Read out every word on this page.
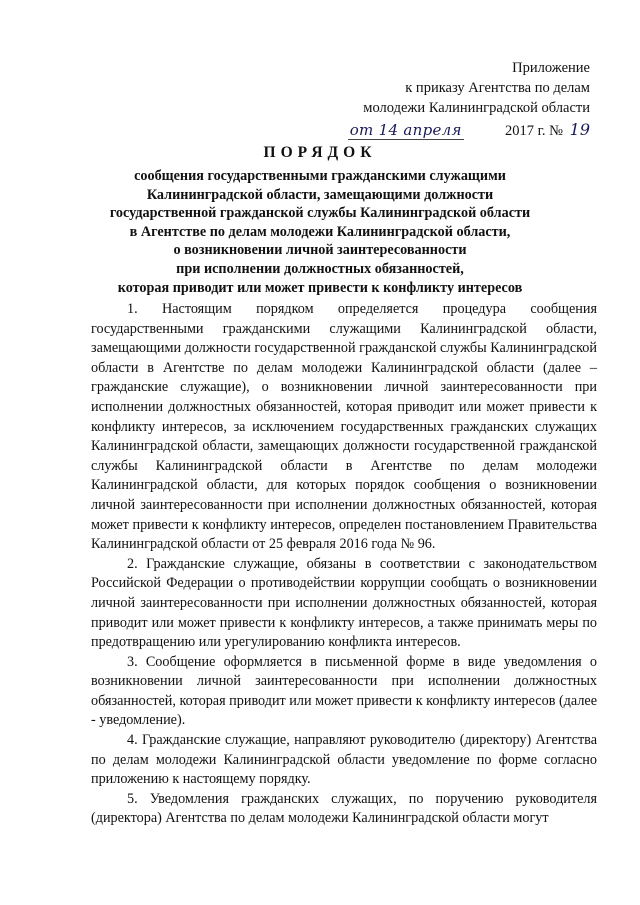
Приложение
к приказу Агентства по делам
молодежи Калининградской области
от 14 апреля	2017 г. № 19
ПОРЯДОК
сообщения государственными гражданскими служащими
Калининградской области, замещающими должности
государственной гражданской службы Калининградской области
в Агентстве по делам молодежи Калининградской области,
о возникновении личной заинтересованности
при исполнении должностных обязанностей,
которая приводит или может привести к конфликту интересов

1. Настоящим порядком определяется процедура сообщения государственными гражданскими служащими Калининградской области, замещающими должности государственной гражданской службы Калининградской области в Агентстве по делам молодежи Калининградской области (далее – гражданские служащие), о возникновении личной заинтересованности при исполнении должностных обязанностей, которая приводит или может привести к конфликту интересов, за исключением государственных гражданских служащих Калининградской области, замещающих должности государственной гражданской службы Калининградской области в Агентстве по делам молодежи Калининградской области, для которых порядок сообщения о возникновении личной заинтересованности при исполнении должностных обязанностей, которая может привести к конфликту интересов, определен постановлением Правительства Калининградской области от 25 февраля 2016 года № 96.

2. Гражданские служащие, обязаны в соответствии с законодательством Российской Федерации о противодействии коррупции сообщать о возникновении личной заинтересованности при исполнении должностных обязанностей, которая приводит или может привести к конфликту интересов, а также принимать меры по предотвращению или урегулированию конфликта интересов.

3. Сообщение оформляется в письменной форме в виде уведомления о возникновении личной заинтересованности при исполнении должностных обязанностей, которая приводит или может привести к конфликту интересов (далее - уведомление).

4. Гражданские служащие, направляют руководителю (директору) Агентства по делам молодежи Калининградской области уведомление по форме согласно приложению к настоящему порядку.

5. Уведомления гражданских служащих, по поручению руководителя (директора) Агентства по делам молодежи Калининградской области могут
